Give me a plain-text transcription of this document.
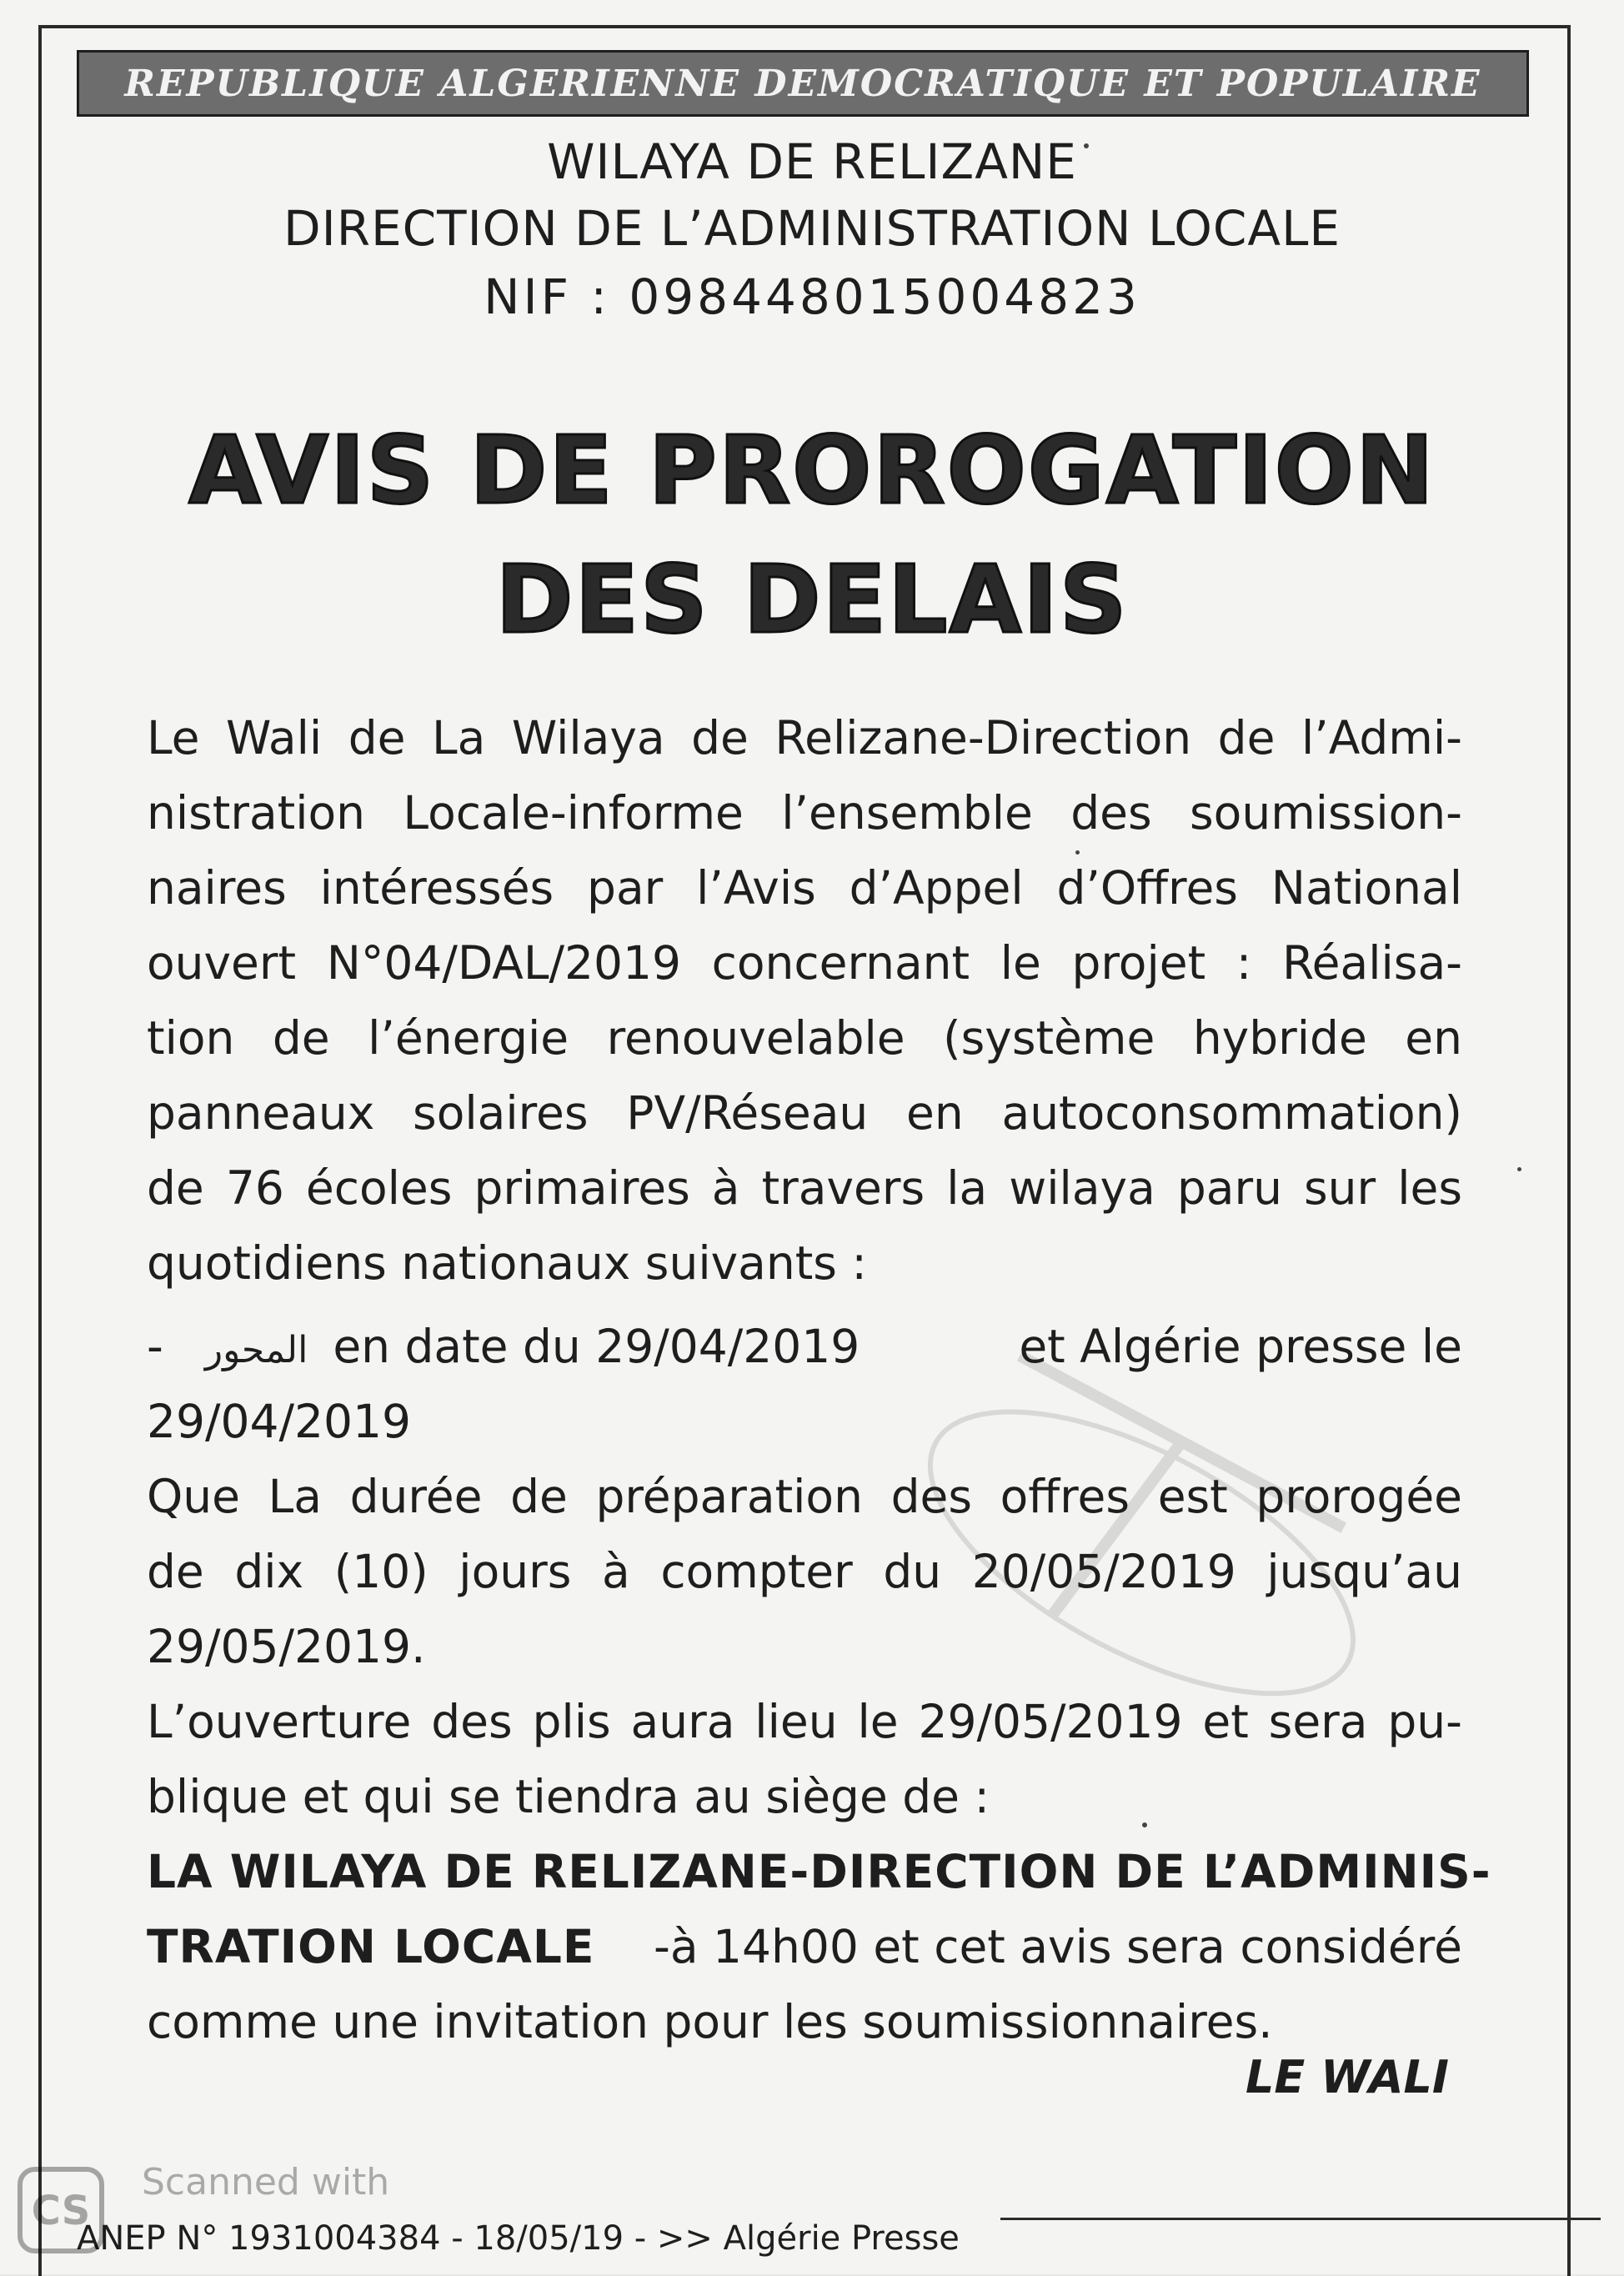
REPUBLIQUE ALGERIENNE DEMOCRATIQUE ET POPULAIRE
WILAYA DE RELIZANE
DIRECTION DE L’ADMINISTRATION LOCALE
NIF : 098448015004823
AVIS DE PROROGATION
DES DELAIS
Le Wali de La Wilaya de Relizane-Direction de l’Admi-
nistration Locale-informe l’ensemble des soumission-
naires intéressés par l’Avis d’Appel d’Offres National
ouvert N°04/DAL/2019 concernant le projet : Réalisa-
tion de l’énergie renouvelable (système hybride en
panneaux solaires PV/Réseau en autoconsommation)
de 76 écoles primaires à travers la wilaya paru sur les
quotidiens nationaux suivants :
- المحور en date du 29/04/2019	et Algérie presse le
29/04/2019
Que La durée de préparation des offres est prorogée
de dix (10) jours à compter du 20/05/2019 jusqu’au
29/05/2019.
L’ouverture des plis aura lieu le 29/05/2019 et sera pu-
blique et qui se tiendra au siège de :
LA WILAYA DE RELIZANE-DIRECTION DE L’ADMINIS-
TRATION LOCALE -à 14h00 et cet avis sera considéré
comme une invitation pour les soumissionnaires.
LE WALI
ANEP N° 1931004384 - 18/05/19 - >> Algérie Presse
CS
Scanned with
